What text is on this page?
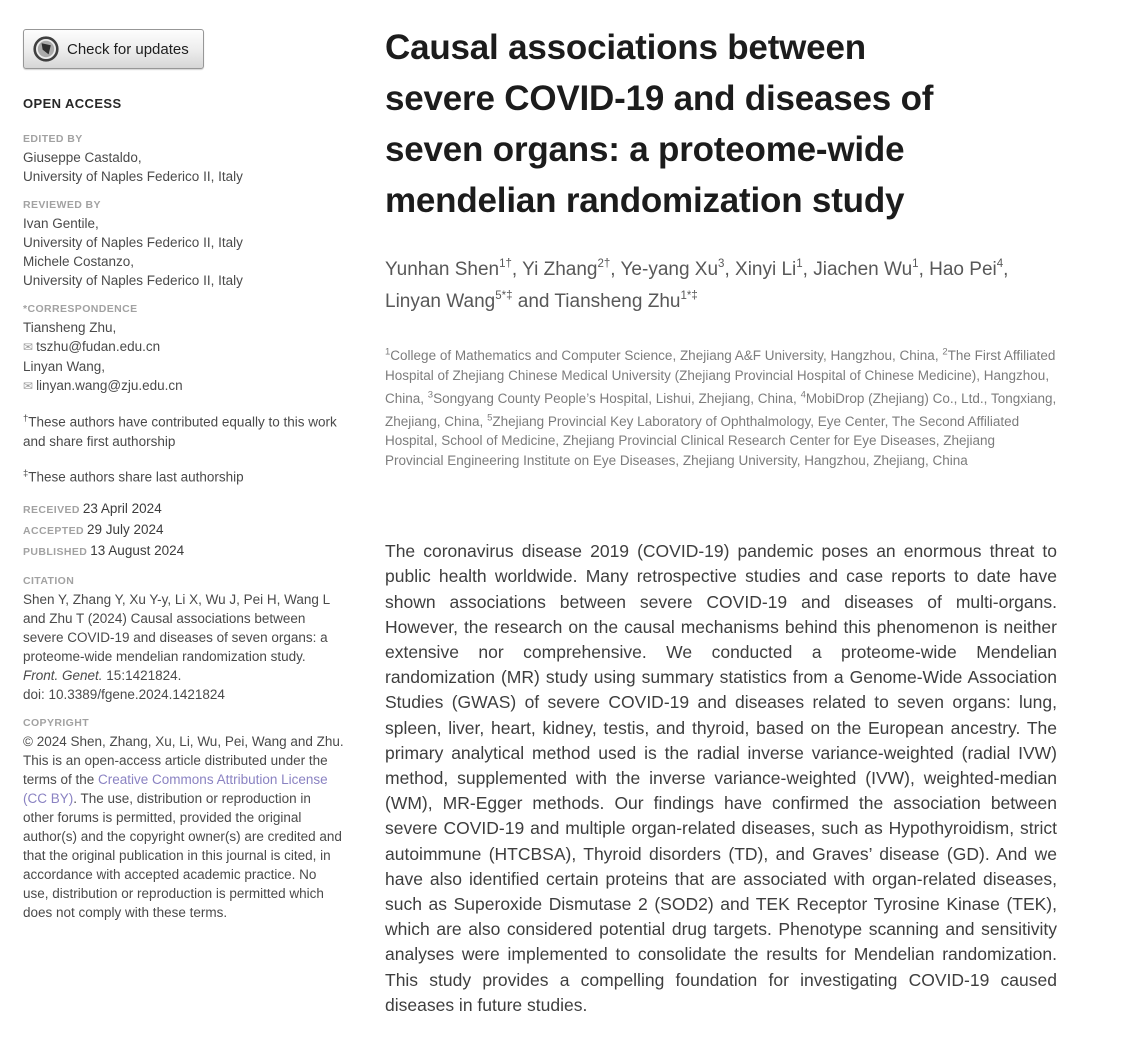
Check for updates
OPEN ACCESS
EDITED BY
Giuseppe Castaldo,
University of Naples Federico II, Italy
REVIEWED BY
Ivan Gentile,
University of Naples Federico II, Italy
Michele Costanzo,
University of Naples Federico II, Italy
*CORRESPONDENCE
Tiansheng Zhu,
✉ tszhu@fudan.edu.cn
Linyan Wang,
✉ linyan.wang@zju.edu.cn
†These authors have contributed equally to this work and share first authorship
‡These authors share last authorship
RECEIVED 23 April 2024
ACCEPTED 29 July 2024
PUBLISHED 13 August 2024
CITATION
Shen Y, Zhang Y, Xu Y-y, Li X, Wu J, Pei H, Wang L and Zhu T (2024) Causal associations between severe COVID-19 and diseases of seven organs: a proteome-wide mendelian randomization study.
Front. Genet. 15:1421824.
doi: 10.3389/fgene.2024.1421824
COPYRIGHT
© 2024 Shen, Zhang, Xu, Li, Wu, Pei, Wang and Zhu. This is an open-access article distributed under the terms of the Creative Commons Attribution License (CC BY). The use, distribution or reproduction in other forums is permitted, provided the original author(s) and the copyright owner(s) are credited and that the original publication in this journal is cited, in accordance with accepted academic practice. No use, distribution or reproduction is permitted which does not comply with these terms.
Causal associations between
severe COVID-19 and diseases of
seven organs: a proteome-wide
mendelian randomization study
Yunhan Shen$^{1\dagger}$, Yi Zhang$^{2\dagger}$, Ye-yang Xu$^3$, Xinyi Li$^1$, Jiachen Wu$^1$, Hao Pei$^4$, Linyan Wang$^{5*\ddagger}$ and Tiansheng Zhu$^{1*\ddagger}$
$^1$College of Mathematics and Computer Science, Zhejiang A&F University, Hangzhou, China, $^2$The First Affiliated Hospital of Zhejiang Chinese Medical University (Zhejiang Provincial Hospital of Chinese Medicine), Hangzhou, China, $^3$Songyang County People’s Hospital, Lishui, Zhejiang, China, $^4$MobiDrop (Zhejiang) Co., Ltd., Tongxiang, Zhejiang, China, $^5$Zhejiang Provincial Key Laboratory of Ophthalmology, Eye Center, The Second Affiliated Hospital, School of Medicine, Zhejiang Provincial Clinical Research Center for Eye Diseases, Zhejiang Provincial Engineering Institute on Eye Diseases, Zhejiang University, Hangzhou, Zhejiang, China

The coronavirus disease 2019 (COVID-19) pandemic poses an enormous threat to public health worldwide. Many retrospective studies and case reports to date have shown associations between severe COVID-19 and diseases of multi-organs. However, the research on the causal mechanisms behind this phenomenon is neither extensive nor comprehensive. We conducted a proteome-wide Mendelian randomization (MR) study using summary statistics from a Genome-Wide Association Studies (GWAS) of severe COVID-19 and diseases related to seven organs: lung, spleen, liver, heart, kidney, testis, and thyroid, based on the European ancestry. The primary analytical method used is the radial inverse variance-weighted (radial IVW) method, supplemented with the inverse variance-weighted (IVW), weighted-median (WM), MR-Egger methods. Our findings have confirmed the association between severe COVID-19 and multiple organ-related diseases, such as Hypothyroidism, strict autoimmune (HTCBSA), Thyroid disorders (TD), and Graves’ disease (GD). And we have also identified certain proteins that are associated with organ-related diseases, such as Superoxide Dismutase 2 (SOD2) and TEK Receptor Tyrosine Kinase (TEK), which are also considered potential drug targets. Phenotype scanning and sensitivity analyses were implemented to consolidate the results for Mendelian randomization. This study provides a compelling foundation for investigating COVID-19 caused diseases in future studies.
